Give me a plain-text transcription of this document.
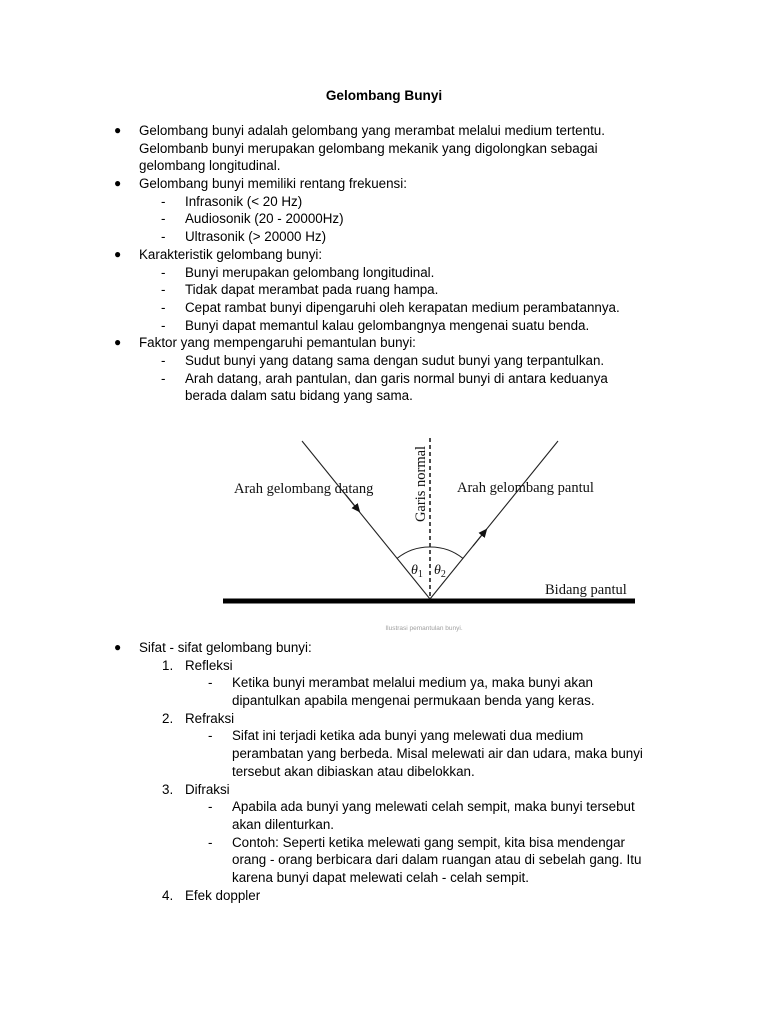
Gelombang Bunyi
● Gelombang bunyi adalah gelombang yang merambat melalui medium tertentu.
Gelombanb bunyi merupakan gelombang mekanik yang digolongkan sebagai
gelombang longitudinal.
● Gelombang bunyi memiliki rentang frekuensi:
- Infrasonik (< 20 Hz)
- Audiosonik (20 - 20000Hz)
- Ultrasonik (> 20000 Hz)
● Karakteristik gelombang bunyi:
- Bunyi merupakan gelombang longitudinal.
- Tidak dapat merambat pada ruang hampa.
- Cepat rambat bunyi dipengaruhi oleh kerapatan medium perambatannya.
- Bunyi dapat memantul kalau gelombangnya mengenai suatu benda.
● Faktor yang mempengaruhi pemantulan bunyi:
- Sudut bunyi yang datang sama dengan sudut bunyi yang terpantulkan.
- Arah datang, arah pantulan, dan garis normal bunyi di antara keduanya
berada dalam satu bidang yang sama.
Arah gelombang datang	Arah gelombang pantul
Garis normal
$\theta_1$ $\theta_2$
Bidang pantul
Ilustrasi pemantulan bunyi.
● Sifat - sifat gelombang bunyi:
1. Refleksi
- Ketika bunyi merambat melalui medium ya, maka bunyi akan
dipantulkan apabila mengenai permukaan benda yang keras.
2. Refraksi
- Sifat ini terjadi ketika ada bunyi yang melewati dua medium
perambatan yang berbeda. Misal melewati air dan udara, maka bunyi
tersebut akan dibiaskan atau dibelokkan.
3. Difraksi
- Apabila ada bunyi yang melewati celah sempit, maka bunyi tersebut
akan dilenturkan.
- Contoh: Seperti ketika melewati gang sempit, kita bisa mendengar
orang - orang berbicara dari dalam ruangan atau di sebelah gang. Itu
karena bunyi dapat melewati celah - celah sempit.
4. Efek doppler
